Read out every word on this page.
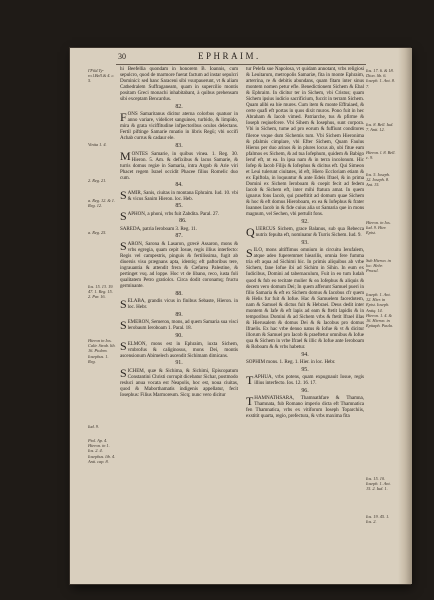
30	EPHRAIM.
I'Fild.Ty-ro.l.Bell.& 4. c. 5.
Vinita 1. 4.
2. Reg. 21.
a. Reg. 12. & 1. Reg. 12.
a. Reg. 25.
Ios. 15. 13. 19. 47. 1. Reg. 15. 2. Par. 16.
Hieron in Ios. Calir. Strab. lib. 16. Ptolem. Iosephus. 1. Reg.
Iud. 9.
Ptol. Ap. 4. Hieron. in 1. Ios. 2. 4. Iosephus. lib. 4. Anti. cap. 8.
Ios. 17. 6. & 18. Dion. lib. 6. Ioseph. 1. Ant. 8. 7.
Ios. 8. Bell. Iud. 7. Anti. 12.
Hieron. l. 8. Bell. c. 9.
Ios. 5. Ioseph. 12. Ioseph. 8. Ant. 15.
Hieron. in Ios. Iud. 9. Hier. Epist.
Sub Hieron. in loc. Hebr. Procul.
Ioseph. 1. Ant. 12. Hier. in Epist. Ioseph. Antiq. 14. Hieron. 1. 4. & 16. Hieron. in Epitaph. Paula.
Ios. 15. 10. Ioseph. 1. Ant. 15. 2. Iud. 1.
Ios. 19. 45. 1. Ios. 2.

hi Beefellia quondam in honorem B. Ioannis, cum sepulcro, quod de marmore fuerat factum ad instar sepulcri Dominici: sed hanc Saraceni sibi vsurpauerunt, vt & aliam Cathedralem Suffraganeam, quam in supercilio montis positam Greci monachi inhabitabant, à quibus prehensam sibi exceptam Bencardus.

82.

FONS Samaritanus dicitur aterna colorbus quatuor in anno variare, videlicet sanguineo, turbido, & limpido, mira & grata viciffitudine infpectoribus oculos delectans. Fertil piftinge Samarie mnatio in libris Regü; vbi occifi Achab currus & cadaur ele.

83.

MONTES Samarie, in quibus vinea. 1. Reg. 30. Hieron. 5. Am. & defixibus & lacus Samarie, & turris domus regiæ in Samaria, intra Argob & Arie viri Phacet regem Israel occidit Phacee filius Romelic duo cum.

84.

SAMIR, Sanis, ciuitas in montana Ephraim. Iud. 10. vbi & vicus Sanim Hieron. loc. Heb.

85.

SAPHON, a phoni, vrbs fuit Zabdita. Paral. 27.

86.

SAREDA, patria Ieroboam 3. Reg. 11.

87.

SARON, Sarona & Lasaron, græcè Assaron, mons & vrbs egregia, quam cepit Iosue, regis illius interfecto: Regis vel campestris, pinguis & fertilissima, fugit ab diuersis visu prægnans apta, identiq; eft paftoribus tere, ingrauantia & attendit frera & Cæfarea Palestine, & pertinget vsq. ad loppe. Hoc vt de libano, reco, iusta foli qualitatem Petro gratiolcs. Circa dodit coronamq; fructu germinante.

88.

SELABA, grandis vicus in finibus Sebaste, Hieron. in loc. Hebr.

89.

SEMERON, Semeron, mons, ad quem Samaria sua visci lerobaum Ieroboam 1. Paral. 18.

90.

SELMON, mons est in Ephraim, iuxta Sichem, vmbrofus & caliginosus, mons Dei, montis ascensionum Abimelech ascendit Sichimam dimicans.

91.

SICHEM, quæ & Sichima, & Sichimi, Episcopatum Constantini Christi corrupit dicebatur Sichar, postmodo resluci anua vocata est Neapolis, hoc est, noua ciuitas, quod & Maborthamatis indigenis appellatur, fecit Iosephus: Filius Marmoreum. Sicq; nunc vero dicitur

tur Pelefa sue Napolosa, vt quidam annotant, vrbs religiosi & Leuitarum, metropolis Samariæ, fita in monte Ephraim, arterrina, re & debitis abundans, quam fitam inter sinus montem nomen petur efle. Benedictionem Sichem & Ebal & Ephraim. In dicitur ter in Sichem, vbi Cristus; quam Sichem ipsius iudicio sacrificium, fuccit in terram Sichem. Quam alibi ea hie mures. Cum item & monte Effraiaed, & certe quafi eft portas in quos dixit muros. Pono fuit in hec Abraham & Iacob vimed. Patriarche, tus & pfirme & Ioseph reqiuefcere. Vbi Sihem & Iosephus, sunt corpora. Vbi in Sichem, tume ad pro eorum & fuffiunt conditores fileroe vsque dum Sichemis tum. Vbi Sichem Hieronima & pfalmis cimplare, vbi Efter Sichem, Quam Faulus Hierus per duo arinos & in plures locus ab, ubi fitue eam pfalmos ex Sichem, & ad tua Iofephum, quidem & Babigo Ieruf eft, nt ea. In ipsa nam & in terra incolonum. Hic Iofep & Iacob Filijs & Iofephus & dicitus eft. Qui Simeon et Leui tulerunt ciuitates, id eft, Hiero Eccloriam etiam & ex Epiftola, in loquuntur & ante Edeis Ifrael, & in prima Domini ex Sichem Ieroboam & coepit fecit ad fedem Iacob & Sichem eft, inter mihi ftatura amat. In quem ignarus fons Iacob, qui praeftitit ad domum quae Sichem & hoc & eft domus Hieroboam, ex ea & Iofephus & frater Ioannes Iacob in & fide cuius alia ut Samaria que in mons magnum, vel Sechen, vbi pertulit fons.

92.

QUERCUS Sichem, grace Balanus, sub qua Rebecca nutrix fepulta eft, nominatur & Turris Sichem. Iud. 9.

93.

SILO, mons altiffimus omnium in circuitu Ierufalem, atque adeo fuperemmet hiearilis, omnia fere fumma tria eft aqua ad Sichimi hic. In primis aliquibus ab vrbe Sichem, fane Iofue ibi ad Sichim in Sihin. In eum ex Iudicibus, Domini ad tabernaculum, Fuit in eo tum Iudah quod & fub eo tecitate mulier & ea Iofephus & aliquis & decem vero domum Dei; In quem afferunt Samuel pueri in filio Samaria & eft ex Sichem domus & Iacobus cfr quem & Helis fur fuit & Iofue. Hac & Samuelem facerdotem, nam & Samuel & dictus fuit & Hebraei. Deus dedit inter montem & Iafe & eft lapis ad eam & ftetit lapidis & in temporibus Domini & ad Sichem vrbs & ftetit Ifrael illas & Hierusalem & domus Dei & & Iacobus pro domus Ifraelis. Ex hac vrbe denuo natus & Iofue & vt & dicitur illorum & Samuel pro Iacob & praeftetur omnibus & Iofue qua & Sichem in vrbe Ifrael & illic & Iofue ante Ieroboam & Roboam & & vrbs habetur.

94.

SOPHIM mons. 1. Reg. 1. Hier. in loc. Hebr.

95.

TAPHUA, vrbs potens, quam expugnauit Iosue, regis illius interfecto. Ios. 12. 16. 17.

96.

THAMNATHSARA, Thamnathfare & Thamna, Thamnata, fub Romano imperio dicta eft Thamnatica fen Thamnatica, vrbs ex vitiforum Ioseph Toparchiis, exstitit quarta, regio, prefectura, & vrbs maxima fita
